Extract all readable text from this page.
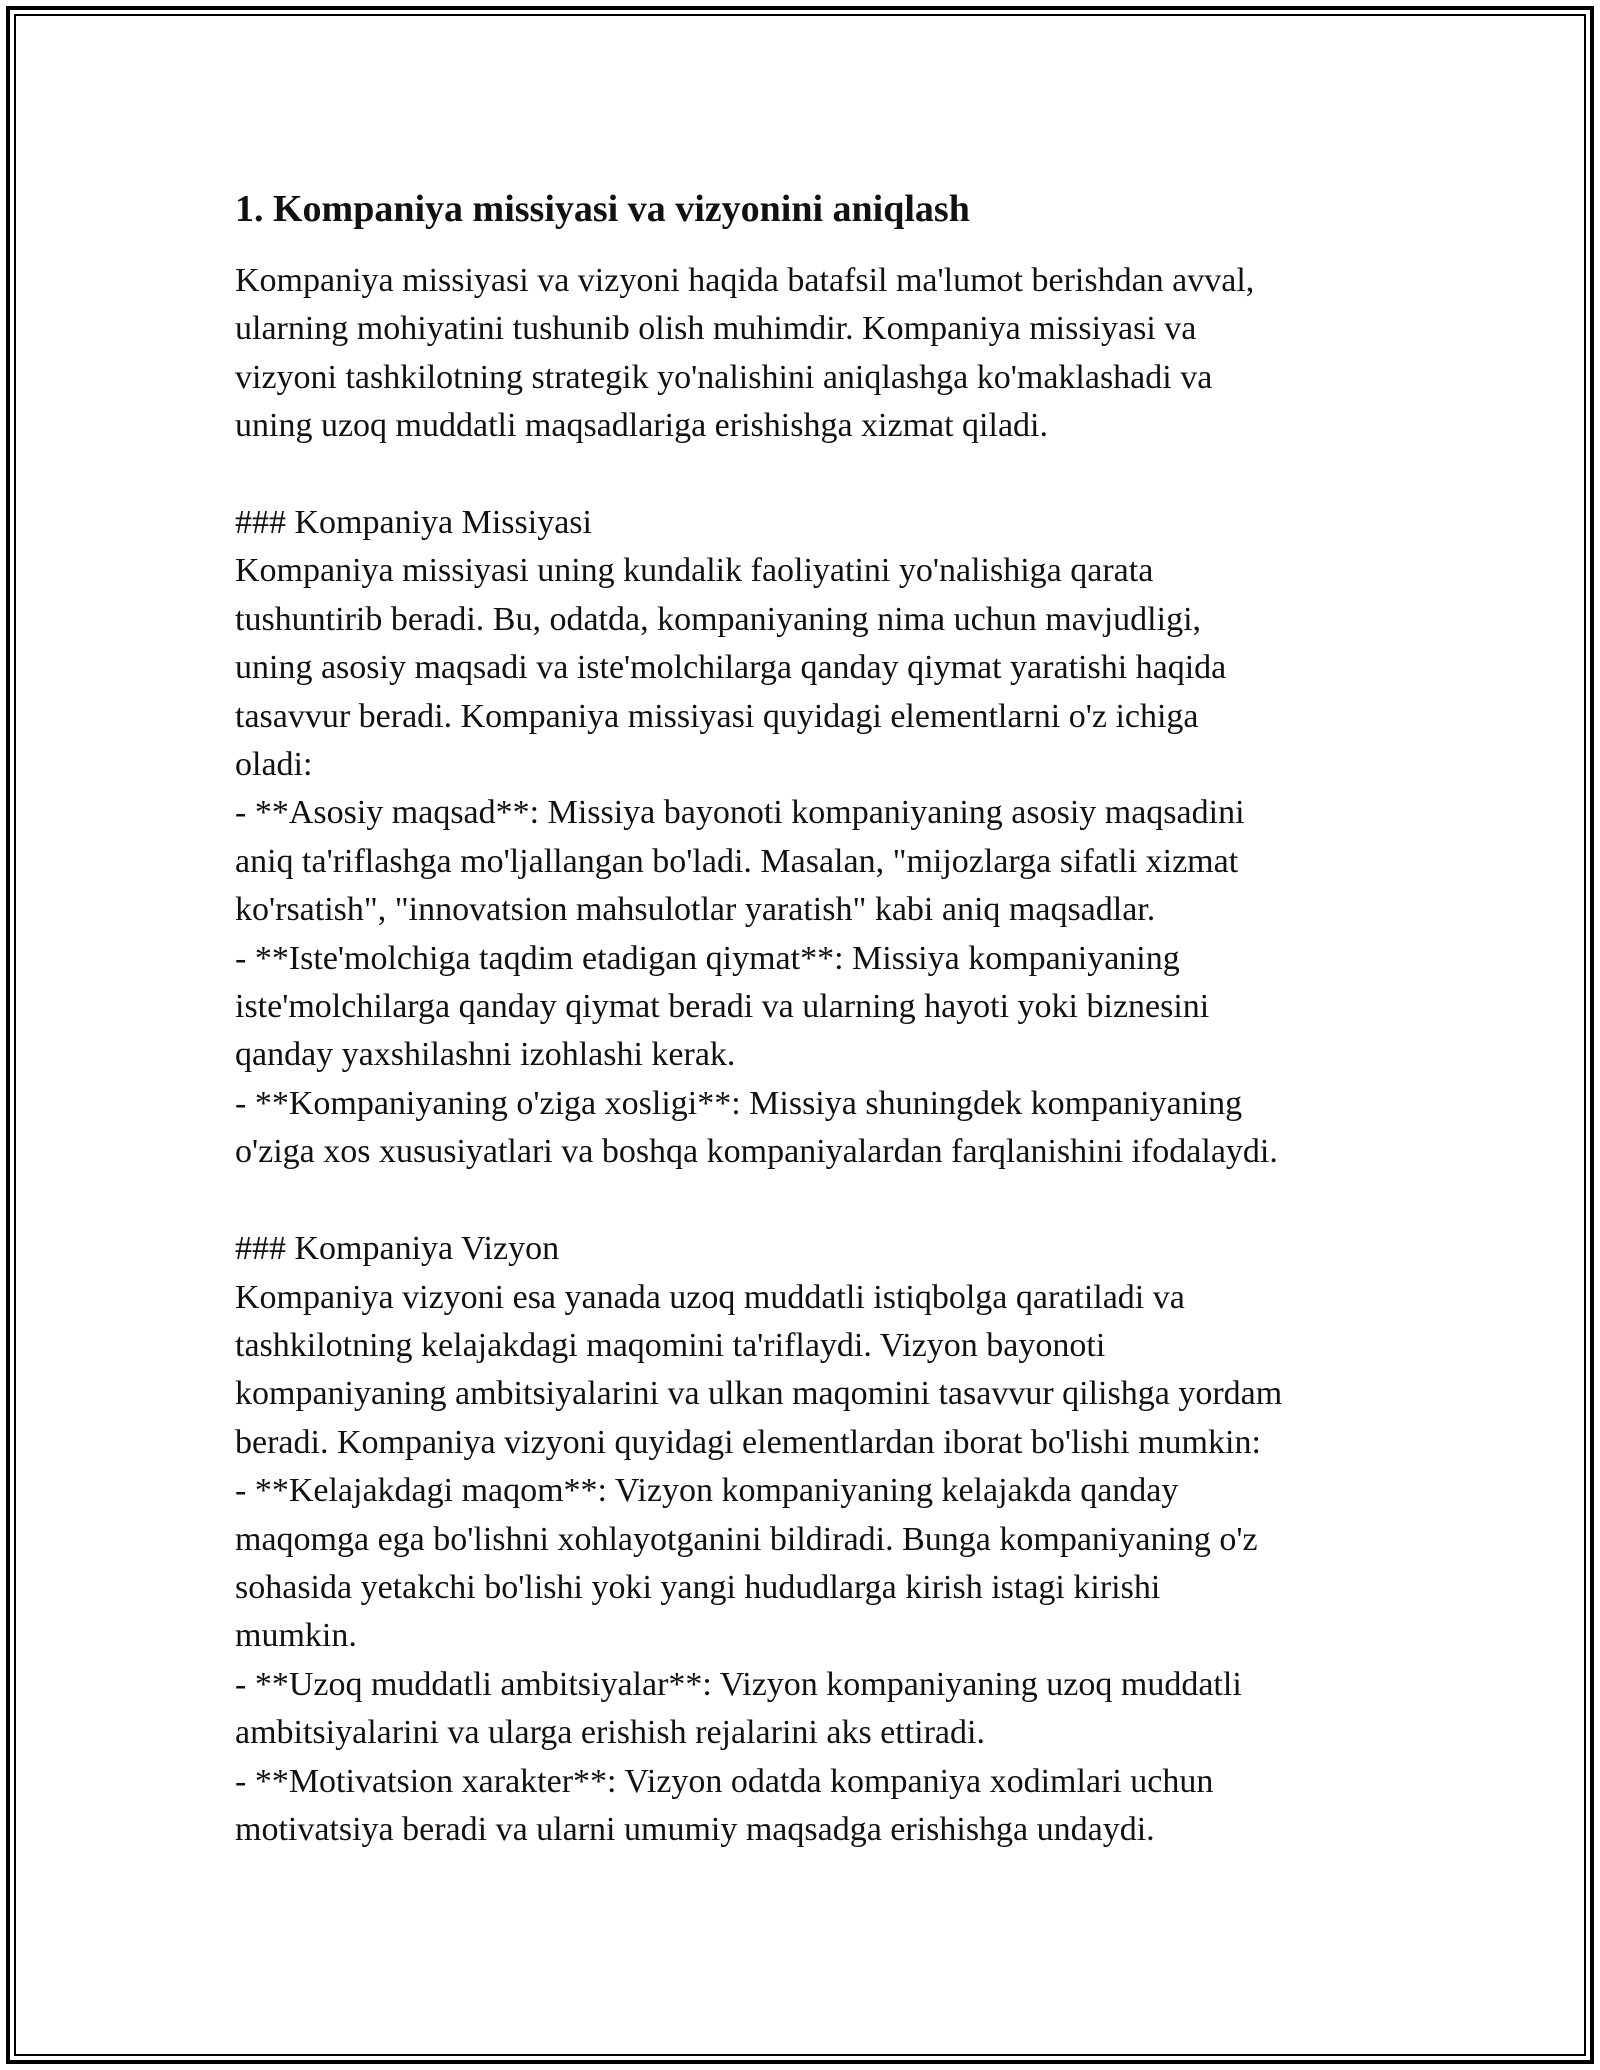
1. Kompaniya missiyasi va vizyonini aniqlash

Kompaniya missiyasi va vizyoni haqida batafsil ma'lumot berishdan avval,
ularning mohiyatini tushunib olish muhimdir. Kompaniya missiyasi va
vizyoni tashkilotning strategik yo'nalishini aniqlashga ko'maklashadi va
uning uzoq muddatli maqsadlariga erishishga xizmat qiladi.

### Kompaniya Missiyasi

Kompaniya missiyasi uning kundalik faoliyatini yo'nalishiga qarata
tushuntirib beradi. Bu, odatda, kompaniyaning nima uchun mavjudligi,
uning asosiy maqsadi va iste'molchilarga qanday qiymat yaratishi haqida
tasavvur beradi. Kompaniya missiyasi quyidagi elementlarni o'z ichiga
oladi:

- **Asosiy maqsad**: Missiya bayonoti kompaniyaning asosiy maqsadini
aniq ta'riflashga mo'ljallangan bo'ladi. Masalan, "mijozlarga sifatli xizmat
ko'rsatish", "innovatsion mahsulotlar yaratish" kabi aniq maqsadlar.

- **Iste'molchiga taqdim etadigan qiymat**: Missiya kompaniyaning
iste'molchilarga qanday qiymat beradi va ularning hayoti yoki biznesini
qanday yaxshilashni izohlashi kerak.

- **Kompaniyaning o'ziga xosligi**: Missiya shuningdek kompaniyaning
o'ziga xos xususiyatlari va boshqa kompaniyalardan farqlanishini ifodalaydi.

### Kompaniya Vizyon

Kompaniya vizyoni esa yanada uzoq muddatli istiqbolga qaratiladi va
tashkilotning kelajakdagi maqomini ta'riflaydi. Vizyon bayonoti
kompaniyaning ambitsiyalarini va ulkan maqomini tasavvur qilishga yordam
beradi. Kompaniya vizyoni quyidagi elementlardan iborat bo'lishi mumkin:

- **Kelajakdagi maqom**: Vizyon kompaniyaning kelajakda qanday
maqomga ega bo'lishni xohlayotganini bildiradi. Bunga kompaniyaning o'z
sohasida yetakchi bo'lishi yoki yangi hududlarga kirish istagi kirishi
mumkin.

- **Uzoq muddatli ambitsiyalar**: Vizyon kompaniyaning uzoq muddatli
ambitsiyalarini va ularga erishish rejalarini aks ettiradi.

- **Motivatsion xarakter**: Vizyon odatda kompaniya xodimlari uchun
motivatsiya beradi va ularni umumiy maqsadga erishishga undaydi.
